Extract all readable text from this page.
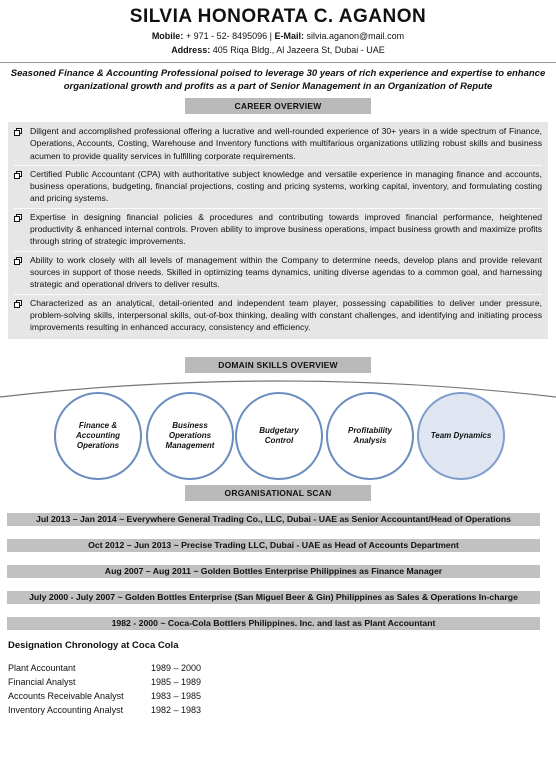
SILVIA HONORATA C. AGANON
Mobile: + 971 - 52- 8495096 | E-Mail: silvia.aganon@mail.com
Address: 405 Riqa Bldg., Al Jazeera St, Dubai - UAE
Seasoned Finance & Accounting Professional poised to leverage 30 years of rich experience and expertise to enhance organizational growth and profits as a part of Senior Management in an Organization of Repute
CAREER OVERVIEW
Diligent and accomplished professional offering a lucrative and well-rounded experience of 30+ years in a wide spectrum of Finance, Operations, Accounts, Costing, Warehouse and Inventory functions with multifarious organizations utilizing robust skills and business acumen to provide quality services in fulfilling corporate requirements.
Certified Public Accountant (CPA) with authoritative subject knowledge and versatile experience in managing finance and accounts, business operations, budgeting, financial projections, costing and pricing systems, working capital, inventory, and formulating costing and pricing systems.
Expertise in designing financial policies & procedures and contributing towards improved financial performance, heightened productivity & enhanced internal controls. Proven ability to improve business operations, impact business growth and maximize profits through string of strategic improvements.
Ability to work closely with all levels of management within the Company to determine needs, develop plans and provide relevant sources in support of those needs. Skilled in optimizing teams dynamics, uniting diverse agendas to a common goal, and harnessing strategic and operational drivers to deliver results.
Characterized as an analytical, detail-oriented and independent team player, possessing capabilities to deliver under pressure, problem-solving skills, interpersonal skills, out-of-box thinking, dealing with constant challenges, and identifying and initiating process improvements resulting in enhanced accuracy, consistency and efficiency.
DOMAIN SKILLS OVERVIEW
Finance & Accounting Operations
Business Operations Management
Budgetary Control
Profitability Analysis
Team Dynamics
ORGANISATIONAL SCAN
Jul 2013 – Jan 2014 ~ Everywhere General Trading Co., LLC, Dubai - UAE as Senior Accountant/Head of Operations
Oct 2012 – Jun 2013 ~ Precise Trading LLC, Dubai - UAE as Head of Accounts Department
Aug 2007 – Aug 2011 ~ Golden Bottles Enterprise Philippines as Finance Manager
July 2000 - July 2007 ~ Golden Bottles Enterprise (San Miguel Beer & Gin) Philippines as Sales & Operations In-charge
1982 - 2000 ~ Coca-Cola Bottlers Philippines. Inc. and last as Plant Accountant
Designation Chronology at Coca Cola
Plant Accountant	1989 – 2000
Financial Analyst	1985 – 1989
Accounts Receivable Analyst	1983 – 1985
Inventory Accounting Analyst	1982 – 1983
